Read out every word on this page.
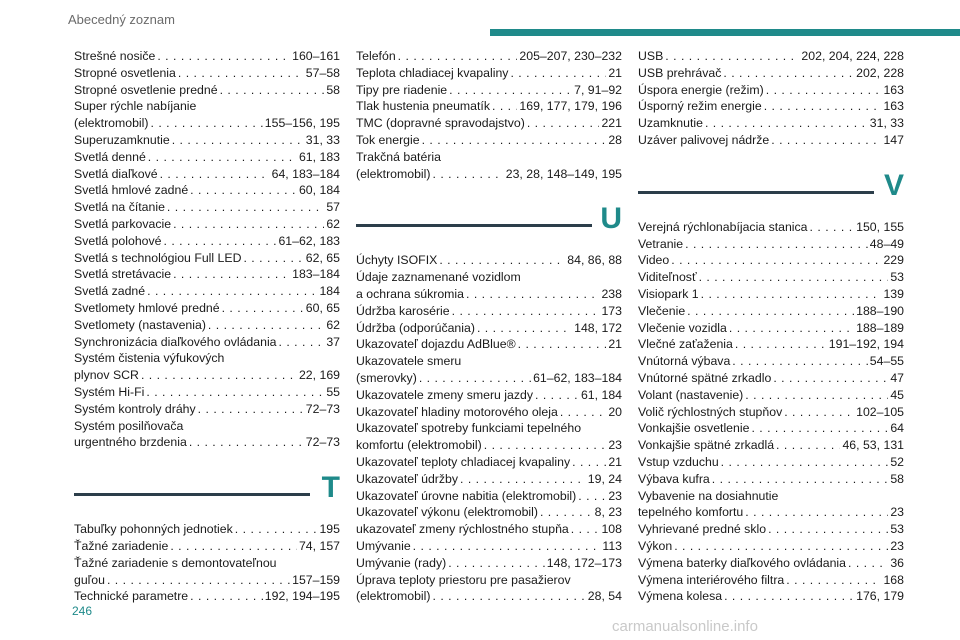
Abecedný zoznam
Strešné nosiče . . .	160–161
Stropné osvetlenia . . .	57–58
Stropné osvetlenie predné . . .	58
Super rýchle nabíjanie
(elektromobil) . . .	155–156, 195
Superuzamknutie . . .	31, 33
Svetlá denné . . .	61, 183
Svetlá diaľkové . . .	64, 183–184
Svetlá hmlové zadné . . .	60, 184
Svetlá na čítanie . . .	57
Svetlá parkovacie . . .	62
Svetlá polohové . . .	61–62, 183
Svetlá s technológiou Full LED . . .	62, 65
Svetlá stretávacie . . .	183–184
Svetlá zadné . . .	184
Svetlomety hmlové predné . . .	60, 65
Svetlomety (nastavenia) . . .	62
Synchronizácia diaľkového ovládania . . .	37
Systém čistenia výfukových
plynov SCR . . .	22, 169
Systém Hi-Fi . . .	55
Systém kontroly dráhy . . .	72–73
Systém posilňovača
urgentného brzdenia . . .	72–73
T
Tabuľky pohonných jednotiek . . .	195
Ťažné zariadenie . . .	74, 157
Ťažné zariadenie s demontovateľnou
guľou . . .	157–159
Technické parametre . . .	192, 194–195
Telefón . . .	205–207, 230–232
Teplota chladiacej kvapaliny . . .	21
Tipy pre riadenie . . .	7, 91–92
Tlak hustenia pneumatík . . . 169, 177, 179, 196
TMC (dopravné spravodajstvo) . . .	221
Tok energie . . .	28
Trakčná batéria
(elektromobil) . . .	23, 28, 148–149, 195
U
Úchyty ISOFIX . . .	84, 86, 88
Údaje zaznamenané vozidlom
a ochrana súkromia . . .	238
Údržba karosérie . . .	173
Údržba (odporúčania) . . .	148, 172
Ukazovateľ dojazdu AdBlue® . . .	21
Ukazovatele smeru
(smerovky) . . .	61–62, 183–184
Ukazovatele zmeny smeru jazdy . . .	61, 184
Ukazovateľ hladiny motorového oleja . . .	20
Ukazovateľ spotreby funkciami tepelného
komfortu (elektromobil) . . .	23
Ukazovateľ teploty chladiacej kvapaliny . . .	21
Ukazovateľ údržby . . .	19, 24
Ukazovateľ úrovne nabitia (elektromobil) . . .	23
Ukazovateľ výkonu (elektromobil) . . .	8, 23
ukazovateľ zmeny rýchlostného stupňa . . .	108
Umývanie . . .	113
Umývanie (rady) . . .	148, 172–173
Úprava teploty priestoru pre pasažierov
(elektromobil) . . .	28, 54
USB . . .	202, 204, 224, 228
USB prehrávač . . .	202, 228
Úspora energie (režim) . . .	163
Úsporný režim energie . . .	163
Uzamknutie . . .	31, 33
Uzáver palivovej nádrže . . .	147
V
Verejná rýchlonabíjacia stanica . . .	150, 155
Vetranie . . .	48–49
Video . . .	229
Viditeľnosť . . .	53
Visiopark 1 . . .	139
Vlečenie . . .	188–190
Vlečenie vozidla . . .	188–189
Vlečné zaťaženia . . .	191–192, 194
Vnútorná výbava . . .	54–55
Vnútorné spätné zrkadlo . . .	47
Volant (nastavenie) . . .	45
Volič rýchlostných stupňov . . .	102–105
Vonkajšie osvetlenie . . .	64
Vonkajšie spätné zrkadlá . . .	46, 53, 131
Vstup vzduchu . . .	52
Výbava kufra . . .	58
Vybavenie na dosiahnutie
tepelného komfortu . . .	23
Vyhrievané predné sklo . . .	53
Výkon . . .	23
Výmena baterky diaľkového ovládania . . .	36
Výmena interiérového filtra . . .	168
Výmena kolesa . . .	176, 179
246
carmanualsonline.info
